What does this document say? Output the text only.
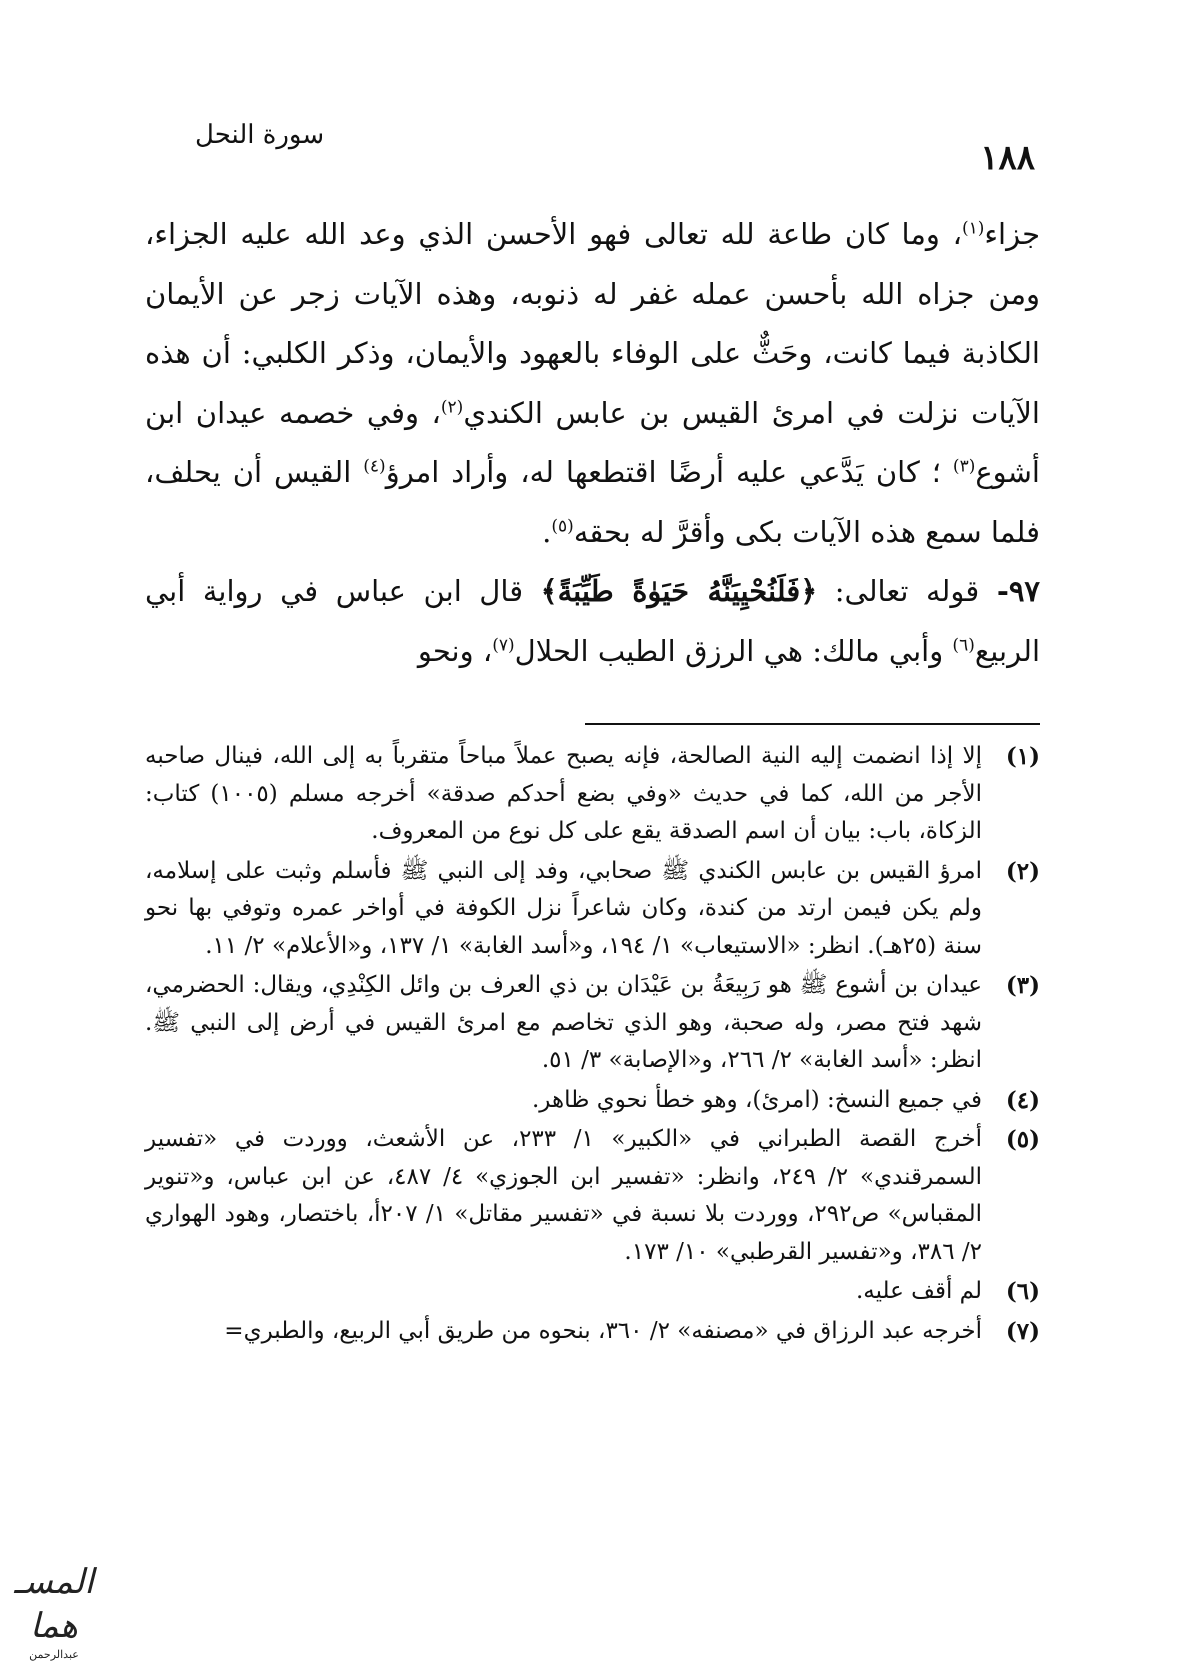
سورة النحل
١٨٨

جزاء$^{(١)}$، وما كان طاعة لله تعالى فهو الأحسن الذي وعد الله عليه الجزاء، ومن جزاه الله بأحسن عمله غفر له ذنوبه، وهذه الآيات زجر عن الأيمان الكاذبة فيما كانت، وحَثٌّ على الوفاء بالعهود والأيمان، وذكر الكلبي: أن هذه الآيات نزلت في امرئ القيس بن عابس الكندي$^{(٢)}$، وفي خصمه عيدان ابن أشوع$^{(٣)}$ ؛ كان يَدَّعي عليه أرضًا اقتطعها له، وأراد امرؤ$^{(٤)}$ القيس أن يحلف، فلما سمع هذه الآيات بكى وأقرَّ له بحقه$^{(٥)}$.

٩٧- قوله تعالى: ﴿فَلَنُحْيِيَنَّهُ حَيَوٰةً طَيِّبَةً﴾ قال ابن عباس في رواية أبي الربيع$^{(٦)}$ وأبي مالك: هي الرزق الطيب الحلال$^{(٧)}$، ونحو

(١)
إلا إذا انضمت إليه النية الصالحة، فإنه يصبح عملاً مباحاً متقرباً به إلى الله، فينال صاحبه الأجر من الله، كما في حديث «وفي بضع أحدكم صدقة» أخرجه مسلم (١٠٠٥) كتاب: الزكاة، باب: بيان أن اسم الصدقة يقع على كل نوع من المعروف.
(٢)
امرؤ القيس بن عابس الكندي ﷺ صحابي، وفد إلى النبي ﷺ فأسلم وثبت على إسلامه، ولم يكن فيمن ارتد من كندة، وكان شاعراً نزل الكوفة في أواخر عمره وتوفي بها نحو سنة (٢٥هـ). انظر: «الاستيعاب» ١/ ١٩٤، و«أسد الغابة» ١/ ١٣٧، و«الأعلام» ٢/ ١١.
(٣)
عيدان بن أشوع ﷺ هو رَبِيعَةُ بن عَيْدَان بن ذي العرف بن وائل الكِنْدِي، ويقال: الحضرمي، شهد فتح مصر، وله صحبة، وهو الذي تخاصم مع امرئ القيس في أرض إلى النبي ﷺ. انظر: «أسد الغابة» ٢/ ٢٦٦، و«الإصابة» ٣/ ٥١.
(٤)
في جميع النسخ: (امرئ)، وهو خطأ نحوي ظاهر.
(٥)
أخرج القصة الطبراني في «الكبير» ١/ ٢٣٣، عن الأشعث، ووردت في «تفسير السمرقندي» ٢/ ٢٤٩، وانظر: «تفسير ابن الجوزي» ٤/ ٤٨٧، عن ابن عباس، و«تنوير المقباس» ص٢٩٢، ووردت بلا نسبة في «تفسير مقاتل» ١/ ٢٠٧أ، باختصار، وهود الهواري ٢/ ٣٨٦، و«تفسير القرطبي» ١٠/ ١٧٣.
(٦)
لم أقف عليه.
(٧)
أخرجه عبد الرزاق في «مصنفه» ٢/ ٣٦٠، بنحوه من طريق أبي الربيع، والطبري=
المسـ هما
عبدالرحمن
